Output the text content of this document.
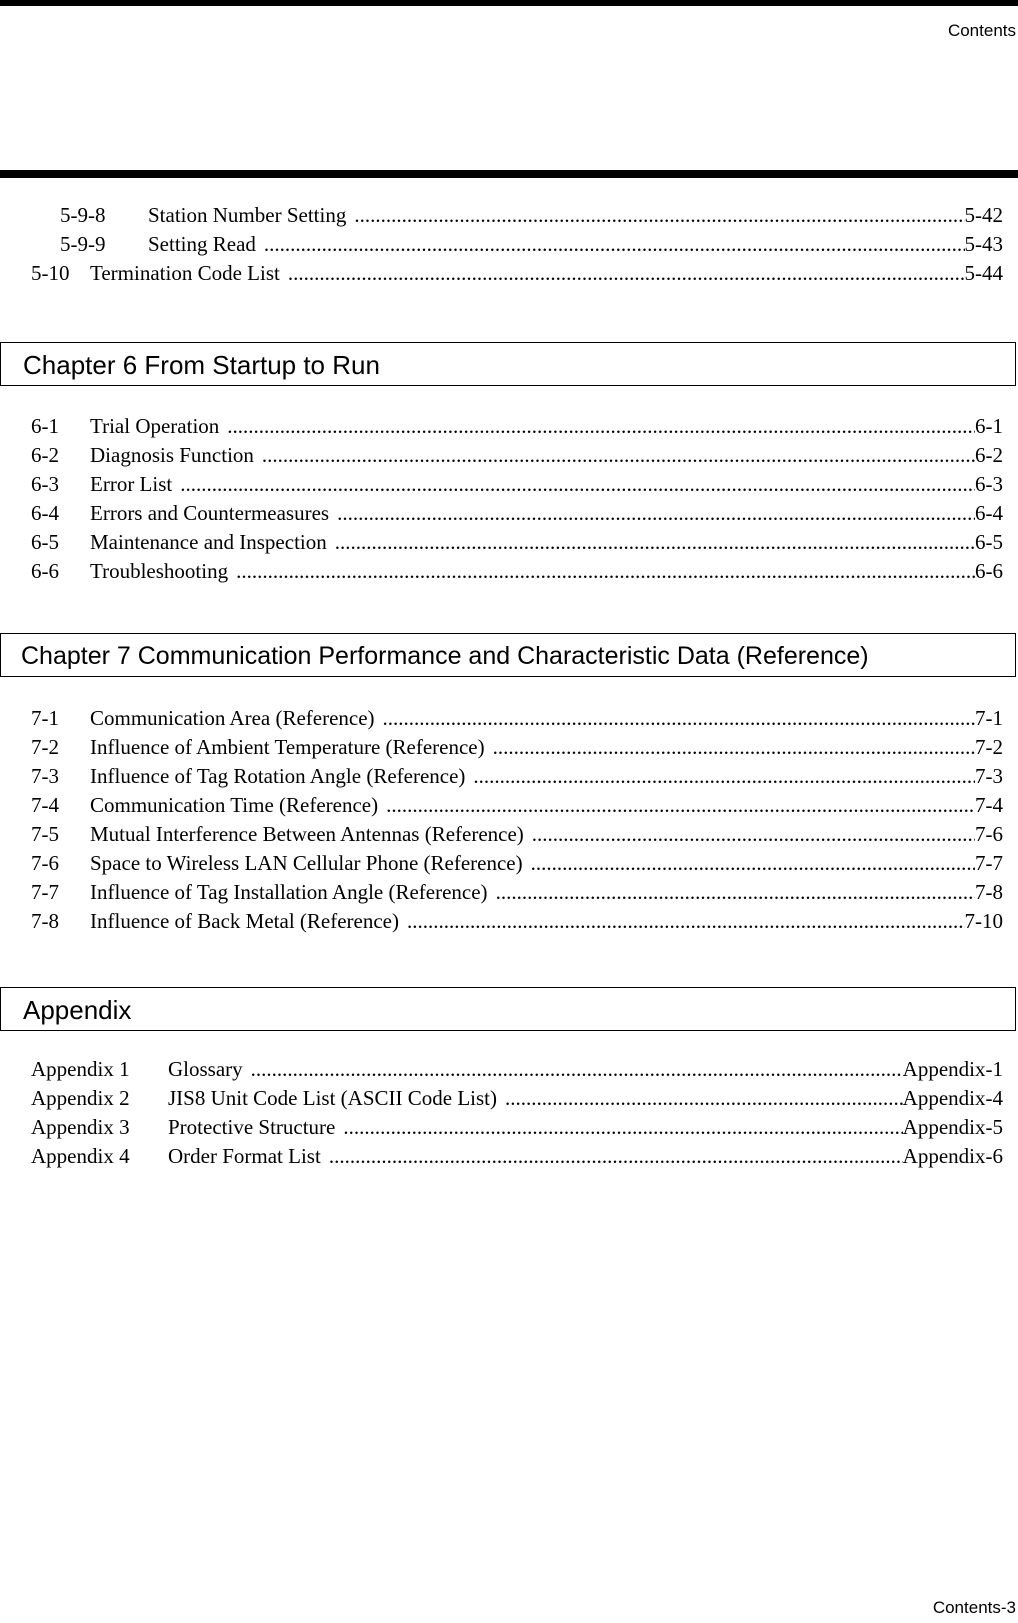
Contents
5-9-8	Station Number Setting .....	5-42
5-9-9	Setting Read .....	5-43
5-10 Termination Code List .....	5-44
Chapter 6 From Startup to Run
6-1	Trial Operation .....	6-1
6-2	Diagnosis Function .....	6-2
6-3	Error List .....	6-3
6-4	Errors and Countermeasures .....	6-4
6-5	Maintenance and Inspection .....	6-5
6-6	Troubleshooting .....	6-6
Chapter 7 Communication Performance and Characteristic Data (Reference)
7-1	Communication Area (Reference) .....	7-1
7-2	Influence of Ambient Temperature (Reference) .....	7-2
7-3	Influence of Tag Rotation Angle (Reference) .....	7-3
7-4	Communication Time (Reference) .....	7-4
7-5	Mutual Interference Between Antennas (Reference) .....	7-6
7-6	Space to Wireless LAN Cellular Phone (Reference) .....	7-7
7-7	Influence of Tag Installation Angle (Reference) .....	7-8
7-8	Influence of Back Metal (Reference) .....	7-10
Appendix
Appendix 1	Glossary .....	Appendix-1
Appendix 2	JIS8 Unit Code List (ASCII Code List) .....	Appendix-4
Appendix 3	Protective Structure .....	Appendix-5
Appendix 4	Order Format List .....	Appendix-6
Contents-3
